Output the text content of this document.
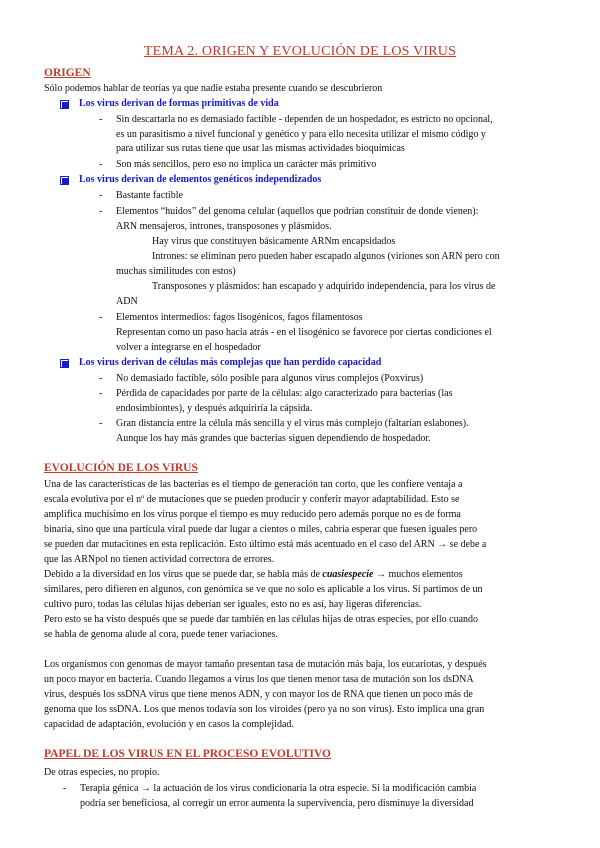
TEMA 2. ORIGEN Y EVOLUCIÓN DE LOS VIRUS
ORIGEN
Sólo podemos hablar de teorías ya que nadie estaba presente cuando se descubrieron
Los virus derivan de formas primitivas de vida
- Sin descartarla no es demasiado factible - dependen de un hospedador, es estricto no opcional,
es un parasitismo a nivel funcional y genético y para ello necesita utilizar el mismo código y
para utilizar sus rutas tiene que usar las mismas actividades bioquímicas
- Son más sencillos, pero eso no implica un carácter más primitivo
Los virus derivan de elementos genéticos independizados
- Bastante factible
- Elementos “huidos” del genoma celular (aquellos que podrían constituir de donde vienen):
ARN mensajeros, intrones, transposones y plásmidos.
Hay virus que constituyen básicamente ARNm encapsidados
Intrones: se eliminan pero pueden haber escapado algunos (viriones son ARN pero con
muchas similitudes con estos)
Transposones y plásmidos: han escapado y adquirido independencia, para los virus de
ADN
- Elementos intermedios: fagos lisogénicos, fagos filamentosos
Representan como un paso hacia atrás - en el lisogénico se favorece por ciertas condiciones el
volver a integrarse en el hospedador
Los virus derivan de células más complejas que han perdido capacidad
- No demasiado factible, sólo posible para algunos virus complejos (Poxvirus)
- Pérdida de capacidades por parte de la células: algo caracterizado para bacterias (las
endosimbiontes), y después adquiriría la cápsida.
- Gran distancia entre la célula más sencilla y el virus más complejo (faltarían eslabones).
Aunque los hay más grandes que bacterias siguen dependiendo de hospedador.
EVOLUCIÓN DE LOS VIRUS
Una de las características de las bacterias es el tiempo de generación tan corto, que les confiere ventaja a
escala evolutiva por el nº de mutaciones que se pueden producir y conferir mayor adaptabilidad. Esto se
amplifica muchísimo en los virus porque el tiempo es muy reducido pero además porque no es de forma
binaria, sino que una partícula viral puede dar lugar a cientos o miles, cabría esperar que fuesen iguales pero
se pueden dar mutaciones en esta replicación. Esto último está más acentuado en el caso del ARN → se debe a
que las ARNpol no tienen actividad correctora de errores.
Debido a la diversidad en los virus que se puede dar, se habla más de cuasiespecie → muchos elementos
similares, pero difieren en algunos, con genómica se ve que no solo es aplicable a los virus. Si partimos de un
cultivo puro, todas las células hijas deberían ser iguales, esto no es así, hay ligeras diferencias.
Pero esto se ha visto después que se puede dar también en las células hijas de otras especies, por ello cuando
se habla de genoma alude al cora, puede tener variaciones.
Los organismos con genomas de mayor tamaño presentan tasa de mutación más baja, los eucariotas, y después
un poco mayor en bacteria. Cuando llegamos a virus los que tienen menor tasa de mutación son los dsDNA
virus, después los ssDNA virus que tiene menos ADN, y con mayor los de RNA que tienen un poco más de
genoma que los ssDNA. Los que menos todavía son los viroides (pero ya no son virus). Esto implica una gran
capacidad de adaptación, evolución y en casos la complejidad.
PAPEL DE LOS VIRUS EN EL PROCESO EVOLUTIVO
De otras especies, no propio.
- Terapia génica → la actuación de los virus condicionaría la otra especie. Si la modificación cambia
podría ser beneficiosa, al corregir un error aumenta la supervivencia, pero disminuye la diversidad
